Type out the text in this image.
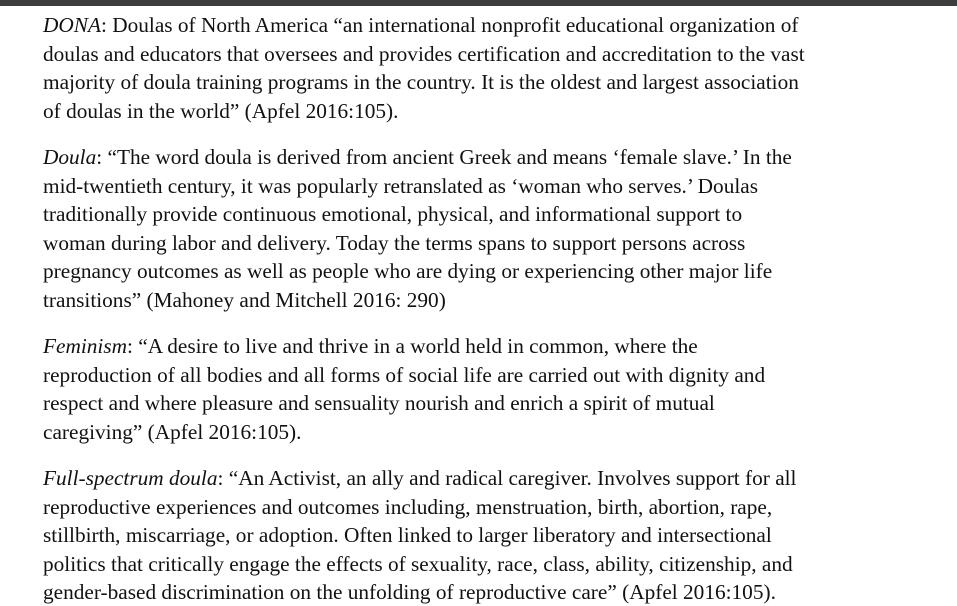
DONA: Doulas of North America “an international nonprofit educational organization of
doulas and educators that oversees and provides certification and accreditation to the vast
majority of doula training programs in the country. It is the oldest and largest association
of doulas in the world” (Apfel 2016:105).

Doula: “The word doula is derived from ancient Greek and means ‘female slave.’ In the
mid-twentieth century, it was popularly retranslated as ‘woman who serves.’ Doulas
traditionally provide continuous emotional, physical, and informational support to
woman during labor and delivery. Today the terms spans to support persons across
pregnancy outcomes as well as people who are dying or experiencing other major life
transitions” (Mahoney and Mitchell 2016: 290)

Feminism: “A desire to live and thrive in a world held in common, where the
reproduction of all bodies and all forms of social life are carried out with dignity and
respect and where pleasure and sensuality nourish and enrich a spirit of mutual
caregiving” (Apfel 2016:105).

Full-spectrum doula: “An Activist, an ally and radical caregiver. Involves support for all
reproductive experiences and outcomes including, menstruation, birth, abortion, rape,
stillbirth, miscarriage, or adoption. Often linked to larger liberatory and intersectional
politics that critically engage the effects of sexuality, race, class, ability, citizenship, and
gender-based discrimination on the unfolding of reproductive care” (Apfel 2016:105).
